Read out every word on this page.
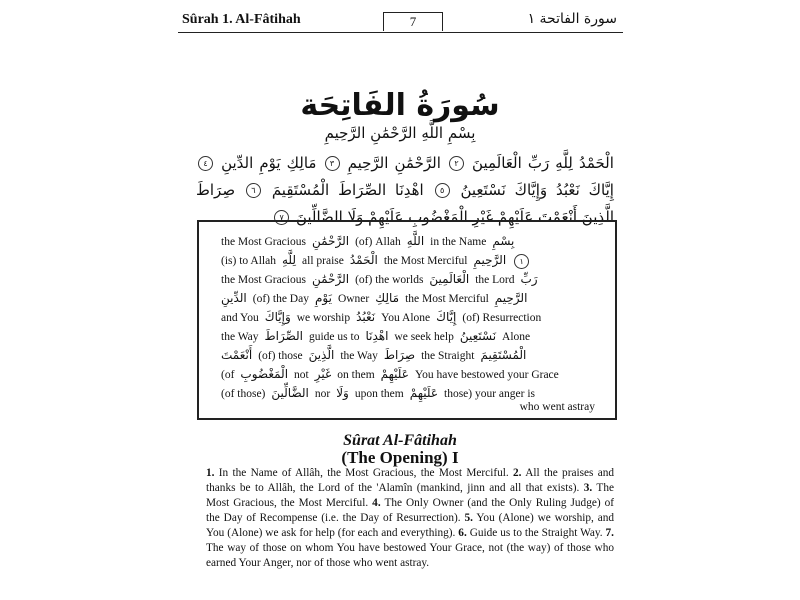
Sûrah 1. Al-Fâtihah	7	سورة الفاتحة ١
سُورَةُ الفَاتِحَة
بِسْمِ اللَّهِ الرَّحْمَٰنِ الرَّحِيمِ
الْحَمْدُ لِلَّهِ رَبِّ الْعَالَمِينَ ٢ الرَّحْمَٰنِ الرَّحِيمِ ٣ مَالِكِ يَوْمِ الدِّينِ ٤ إِيَّاكَ نَعْبُدُ وَإِيَّاكَ نَسْتَعِينُ ٥ اهْدِنَا الصِّرَاطَ الْمُسْتَقِيمَ ٦ صِرَاطَ الَّذِينَ أَنْعَمْتَ عَلَيْهِمْ غَيْرِ الْمَغْضُوبِ عَلَيْهِمْ وَلَا الضَّالِّينَ ٧
the Most Gracious الرَّحْمَٰنِ (of) Allah اللَّهِ in the Name بِسْمِ
(is) to Allah لِلَّهِ all praise الْحَمْدُ the Most Merciful الرَّحِيمِ ١
the Most Gracious الرَّحْمَٰنِ (of) the worlds الْعَالَمِينَ the Lord رَبِّ
الدِّينِ (of) the Day يَوْمِ Owner مَالِكِ the Most Merciful الرَّحِيمِ
and You وَإِيَّاكَ we worship نَعْبُدُ You Alone إِيَّاكَ (of) Resurrection
the Way الصِّرَاطَ guide us to اهْدِنَا we seek help نَسْتَعِينُ Alone
أَنْعَمْتَ (of) those الَّذِينَ the Way صِرَاطَ the Straight الْمُسْتَقِيمَ
(of الْمَغْضُوبِ not غَيْرِ on them عَلَيْهِمْ You have bestowed your Grace
(of those) الضَّالِّينَ nor وَلَا upon them عَلَيْهِمْ those) your anger is
who went astray
Sûrat Al-Fâtihah
(The Opening) I
1. In the Name of Allâh, the Most Gracious, the Most Merciful. 2. All the praises and thanks be to Allâh, the Lord of the 'Alamîn (mankind, jinn and all that exists). 3. The Most Gracious, the Most Merciful. 4. The Only Owner (and the Only Ruling Judge) of the Day of Recompense (i.e. the Day of Resurrection). 5. You (Alone) we worship, and You (Alone) we ask for help (for each and everything). 6. Guide us to the Straight Way. 7. The way of those on whom You have bestowed Your Grace, not (the way) of those who earned Your Anger, nor of those who went astray.
